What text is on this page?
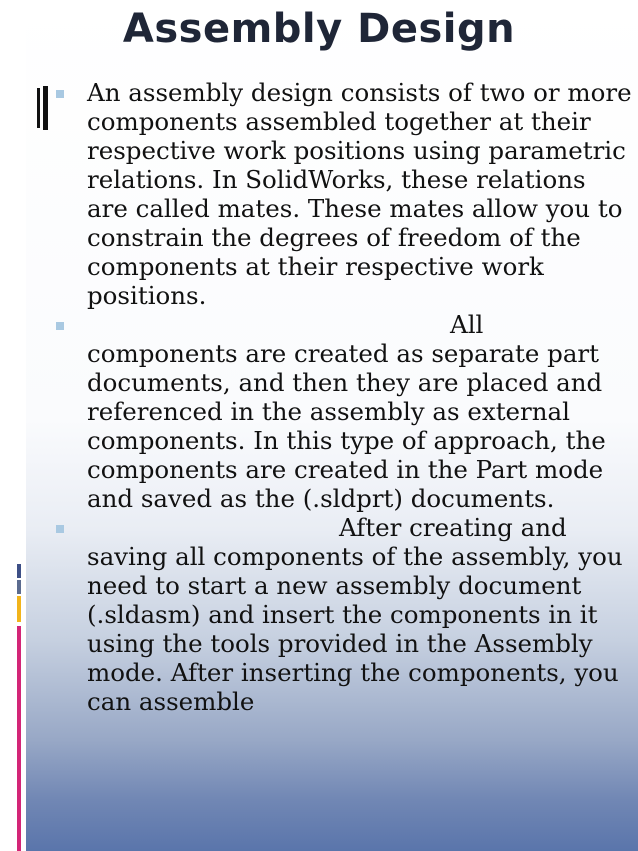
Assembly Design

An assembly design consists of two or more components assembled together at their respective work positions using parametric relations. In SolidWorks, these relations are called mates. These mates allow you to constrain the degrees of freedom of the components at their respective work positions.

All components are created as separate part documents, and then they are placed and referenced in the assembly as external components. In this type of approach, the components are created in the Part mode and saved as the (.sldprt) documents.

After creating and saving all components of the assembly, you need to start a new assembly document (.sldasm) and insert the components in it using the tools provided in the Assembly mode. After inserting the components, you can assemble
